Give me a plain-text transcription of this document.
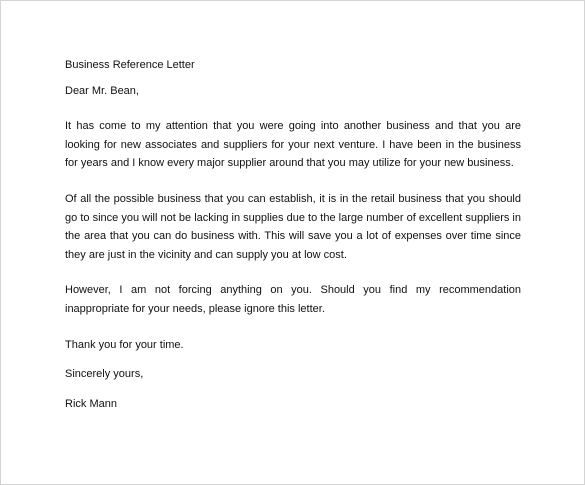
Business Reference Letter

Dear Mr. Bean,

It has come to my attention that you were going into another business and that you are looking for new associates and suppliers for your next venture. I have been in the business for years and I know every major supplier around that you may utilize for your new business.

Of all the possible business that you can establish, it is in the retail business that you should go to since you will not be lacking in supplies due to the large number of excellent suppliers in the area that you can do business with. This will save you a lot of expenses over time since they are just in the vicinity and can supply you at low cost.

However, I am not forcing anything on you. Should you find my recommendation inappropriate for your needs, please ignore this letter.

Thank you for your time.

Sincerely yours,

Rick Mann
